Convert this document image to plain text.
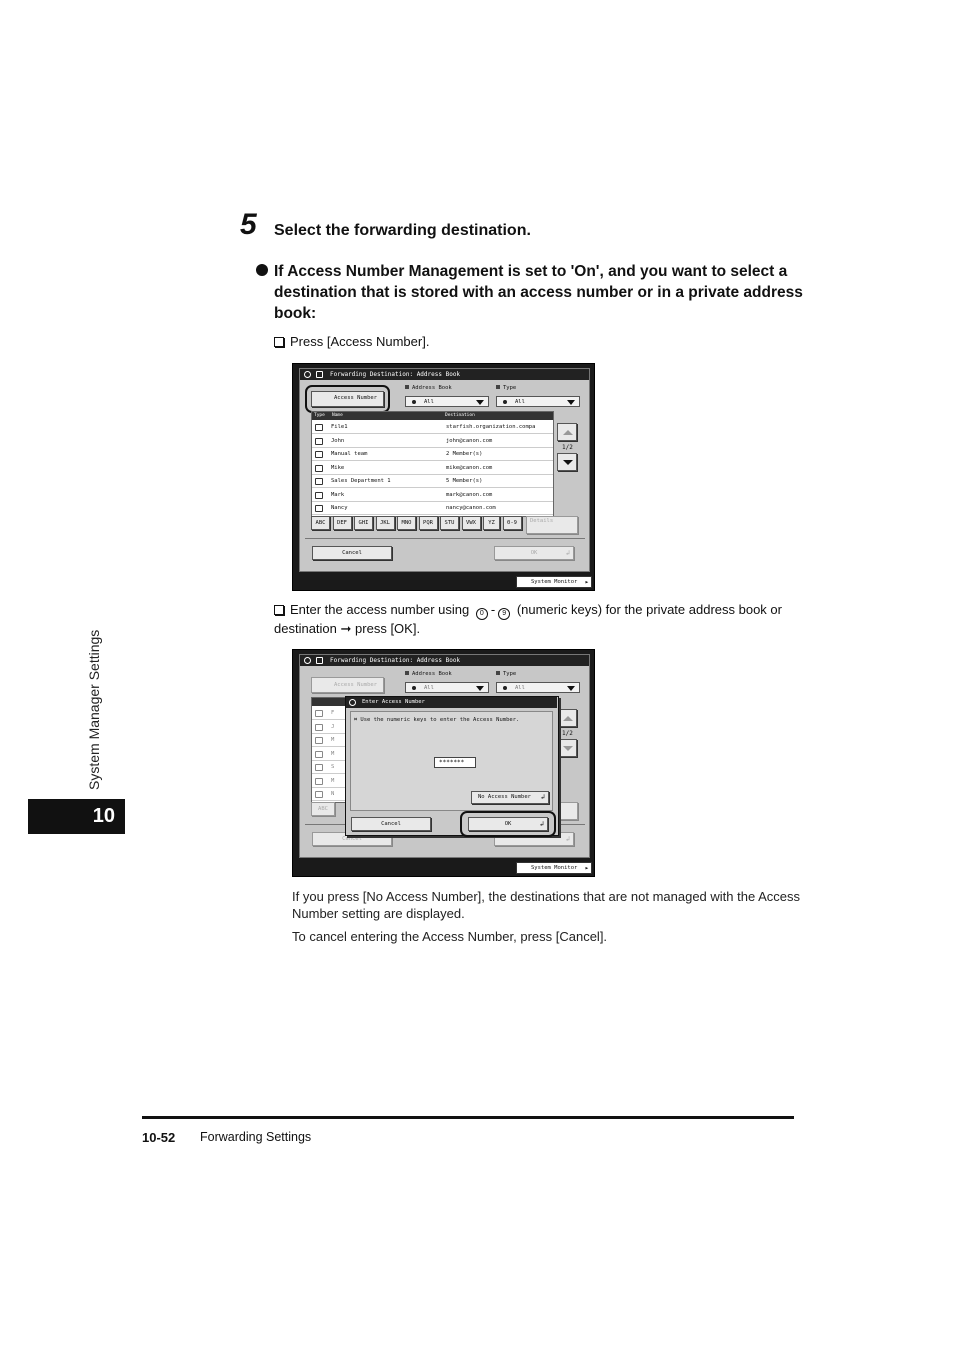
5 Select the forwarding destination.
If Access Number Management is set to 'On', and you want to select a destination that is stored with an access number or in a private address book:
Press [Access Number].
Forwarding Destination: Address Book
Access Number
Address Book
All
Type
All
Type Name	Destination
File1	starfish.organization.compa
John	john@canon.com
Manual team	2 Member(s)
Mike	mike@canon.com
Sales Department 1	5 Member(s)
Mark	mark@canon.com
Nancy	nancy@canon.com
1/2
ABC	DEF	GHI	JKL	MNO	PQR	STU	VWX	YZ	0-9	Details
Cancel	OK ↲
System Monitor ▸
Enter the access number using 0 - 9 (numeric keys) for the private address book or destination ➞ press [OK].
Forwarding Destination: Address Book
Access Number
Address Book
All
Type
All
F
J
M
M
S
M
N
1/2
ABC
Cancel
↲
Enter Access Number
⌗ Use the numeric keys to enter the Access Number.
*******
No Access Number ↲
Cancel	OK ↲
System Monitor ▸
If you press [No Access Number], the destinations that are not managed with the Access Number setting are displayed.
To cancel entering the Access Number, press [Cancel].
System Manager Settings
10
10-52 Forwarding Settings
